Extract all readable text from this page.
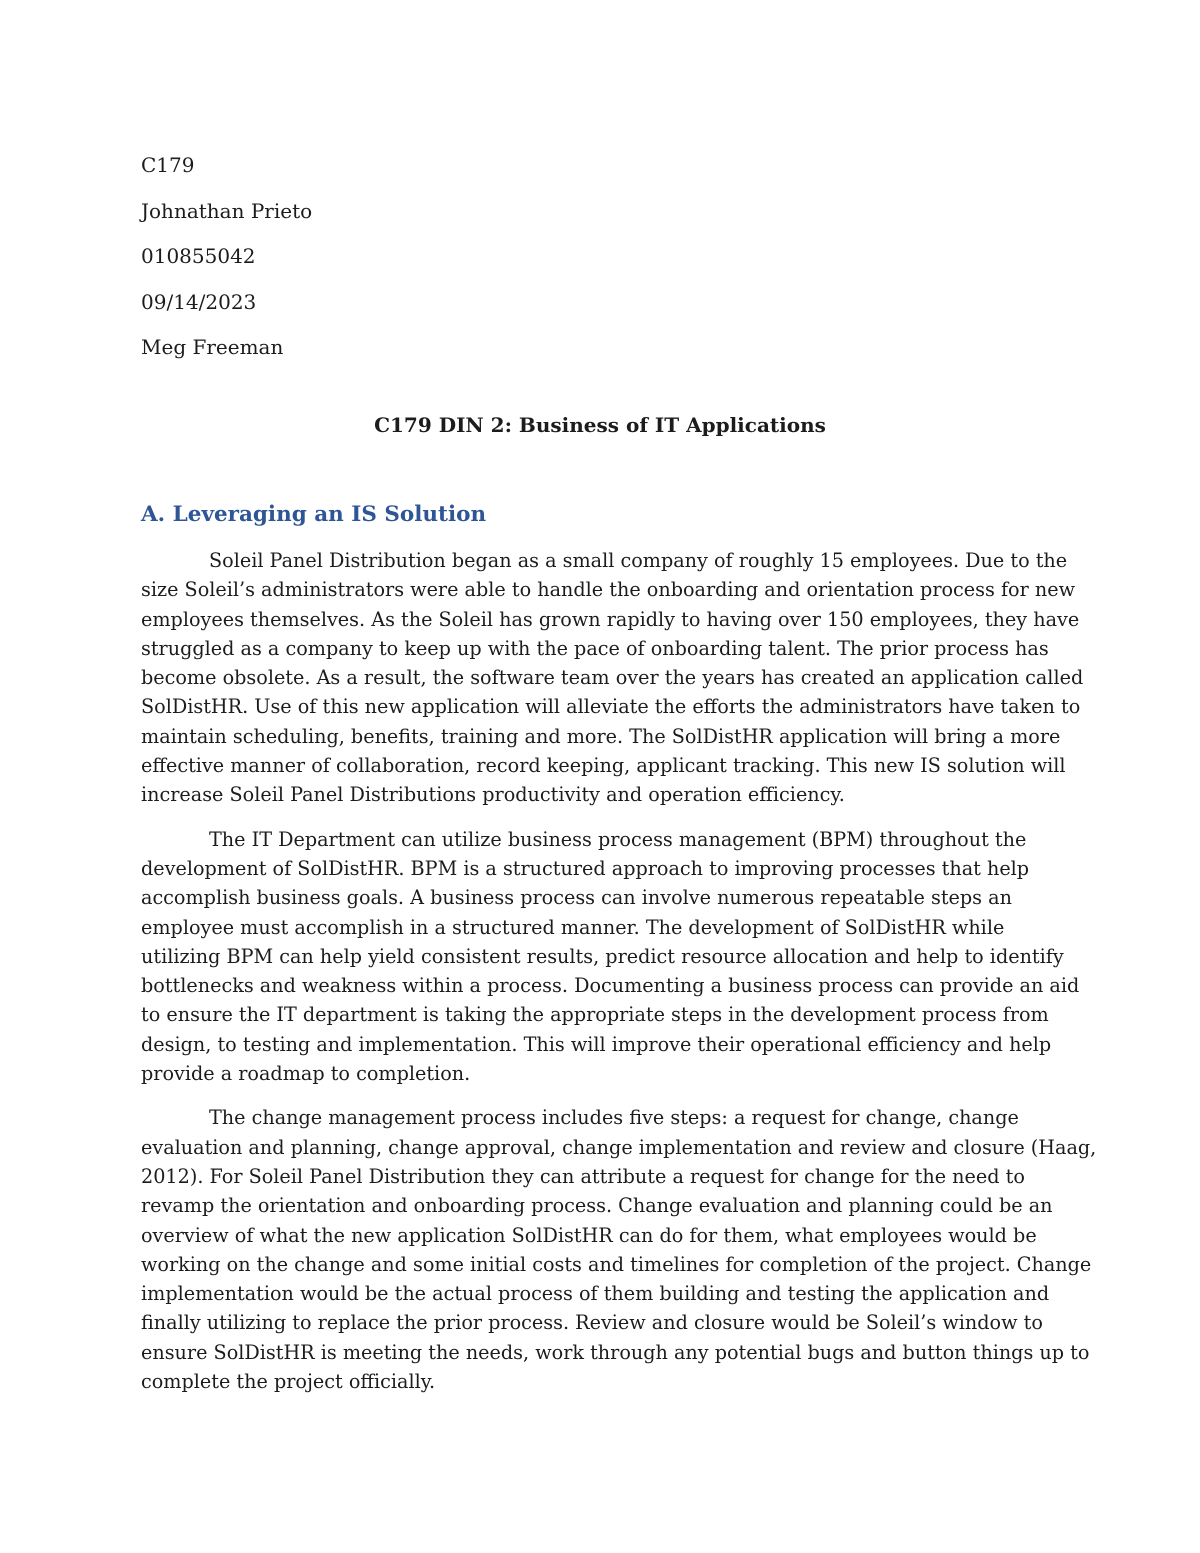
C179
Johnathan Prieto
010855042
09/14/2023
Meg Freeman
C179 DIN 2: Business of IT Applications
A. Leveraging an IS Solution
Soleil Panel Distribution began as a small company of roughly 15 employees. Due to the
size Soleil’s administrators were able to handle the onboarding and orientation process for new
employees themselves. As the Soleil has grown rapidly to having over 150 employees, they have
struggled as a company to keep up with the pace of onboarding talent. The prior process has
become obsolete. As a result, the software team over the years has created an application called
SolDistHR. Use of this new application will alleviate the efforts the administrators have taken to
maintain scheduling, benefits, training and more. The SolDistHR application will bring a more
effective manner of collaboration, record keeping, applicant tracking. This new IS solution will
increase Soleil Panel Distributions productivity and operation efficiency.
The IT Department can utilize business process management (BPM) throughout the
development of SolDistHR. BPM is a structured approach to improving processes that help
accomplish business goals. A business process can involve numerous repeatable steps an
employee must accomplish in a structured manner. The development of SolDistHR while
utilizing BPM can help yield consistent results, predict resource allocation and help to identify
bottlenecks and weakness within a process. Documenting a business process can provide an aid
to ensure the IT department is taking the appropriate steps in the development process from
design, to testing and implementation. This will improve their operational efficiency and help
provide a roadmap to completion.
The change management process includes five steps: a request for change, change
evaluation and planning, change approval, change implementation and review and closure (Haag,
2012). For Soleil Panel Distribution they can attribute a request for change for the need to
revamp the orientation and onboarding process. Change evaluation and planning could be an
overview of what the new application SolDistHR can do for them, what employees would be
working on the change and some initial costs and timelines for completion of the project. Change
implementation would be the actual process of them building and testing the application and
finally utilizing to replace the prior process. Review and closure would be Soleil’s window to
ensure SolDistHR is meeting the needs, work through any potential bugs and button things up to
complete the project officially.
